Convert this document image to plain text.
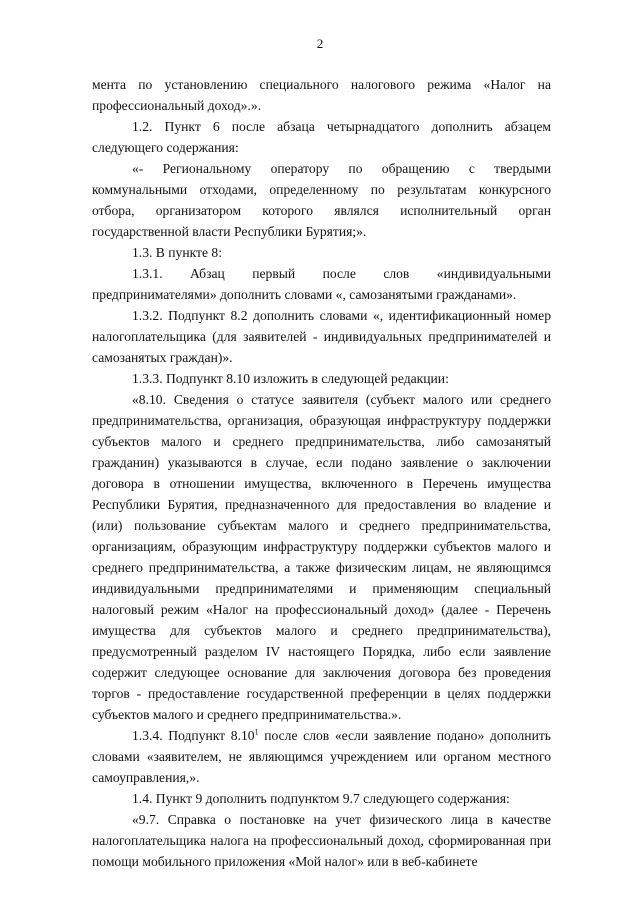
2

мента по установлению специального налогового режима «Налог на профессиональный доход».».

1.2. Пункт 6 после абзаца четырнадцатого дополнить абзацем следующего содержания:

«- Региональному оператору по обращению с твердыми коммунальными отходами, определенному по результатам конкурсного отбора, организатором которого являлся исполнительный орган государственной власти Республики Бурятия;».

1.3. В пункте 8:

1.3.1. Абзац первый после слов «индивидуальными предпринимателями» дополнить словами «, самозанятыми гражданами».

1.3.2. Подпункт 8.2 дополнить словами «, идентификационный номер налогоплательщика (для заявителей - индивидуальных предпринимателей и самозанятых граждан)».

1.3.3. Подпункт 8.10 изложить в следующей редакции:

«8.10. Сведения о статусе заявителя (субъект малого или среднего предпринимательства, организация, образующая инфраструктуру поддержки субъектов малого и среднего предпринимательства, либо самозанятый гражданин) указываются в случае, если подано заявление о заключении договора в отношении имущества, включенного в Перечень имущества Республики Бурятия, предназначенного для предоставления во владение и (или) пользование субъектам малого и среднего предпринимательства, организациям, образующим инфраструктуру поддержки субъектов малого и среднего предпринимательства, а также физическим лицам, не являющимся индивидуальными предпринимателями и применяющим специальный налоговый режим «Налог на профессиональный доход» (далее - Перечень имущества для субъектов малого и среднего предпринимательства), предусмотренный разделом IV настоящего Порядка, либо если заявление содержит следующее основание для заключения договора без проведения торгов - предоставление государственной преференции в целях поддержки субъектов малого и среднего предпринимательства.».

1.3.4. Подпункт 8.10$^1$ после слов «если заявление подано» дополнить словами «заявителем, не являющимся учреждением или органом местного самоуправления,».

1.4. Пункт 9 дополнить подпунктом 9.7 следующего содержания:

«9.7. Справка о постановке на учет физического лица в качестве налогоплательщика налога на профессиональный доход, сформированная при помощи мобильного приложения «Мой налог» или в веб-кабинете
